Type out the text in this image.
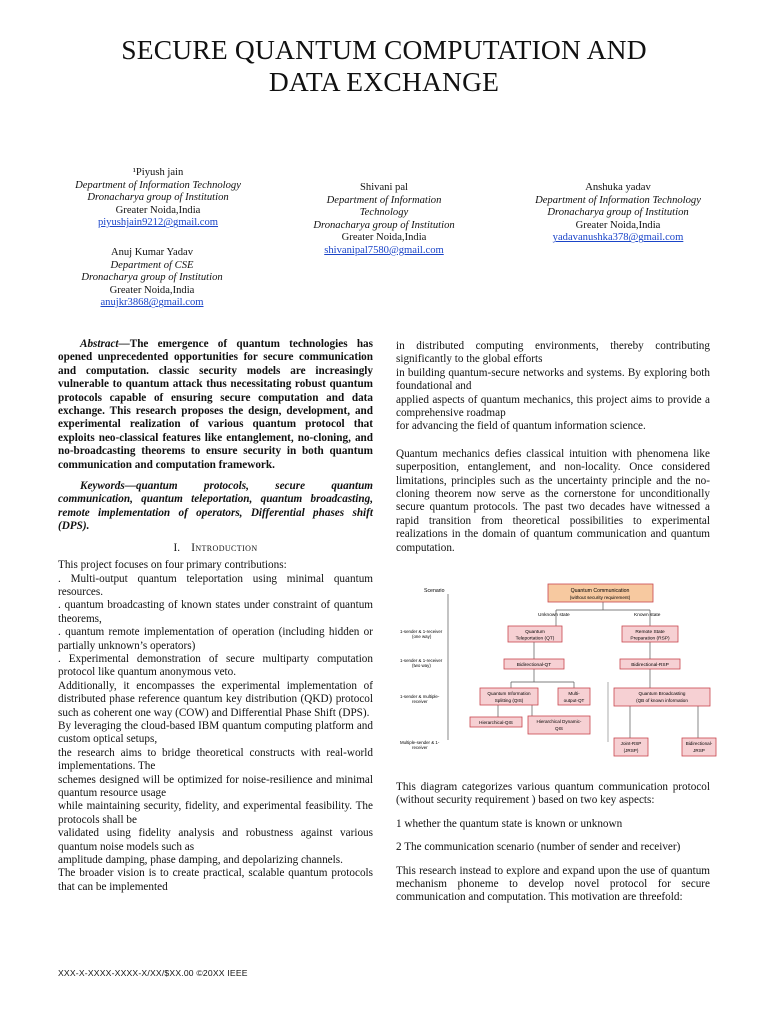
SECURE QUANTUM COMPUTATION AND
DATA EXCHANGE
¹Piyush jain
Department of Information Technology
Dronacharya group of Institution
Greater Noida,India
piyushjain9212@gmail.com
Shivani pal
Department of Information
Technology
Dronacharya group of Institution
Greater Noida,India
shivanipal7580@gmail.com
Anshuka yadav
Department of Information Technology
Dronacharya group of Institution
Greater Noida,India
yadavanushka378@gmail.com
Anuj Kumar Yadav
Department of CSE
Dronacharya group of Institution
Greater Noida,India
anujkr3868@gmail.com

Abstract—The emergence of quantum technologies has opened unprecedented opportunities for secure communication and computation. classic security models are increasingly vulnerable to quantum attack thus necessitating robust quantum protocols capable of ensuring secure computation and data exchange. This research proposes the design, development, and experimental realization of various quantum protocol that exploits neo-classical features like entanglement, no-cloning, and no-broadcasting theorems to ensure security in both quantum communication and computation framework.

Keywords—quantum protocols, secure quantum communication, quantum teleportation, quantum broadcasting, remote implementation of operators, Differential phases shift (DPS).

I. Introduction

This project focuses on four primary contributions:

. Multi-output quantum teleportation using minimal quantum resources.

. quantum broadcasting of known states under constraint of quantum theorems,

. quantum remote implementation of operation (including hidden or partially unknown’s operators)

. Experimental demonstration of secure multiparty computation protocol like quantum anonymous veto.

Additionally, it encompasses the experimental implementation of distributed phase reference quantum key distribution (QKD) protocol such as coherent one way (COW) and Differential Phase Shift (DPS).

By leveraging the cloud-based IBM quantum computing platform and custom optical setups,

the research aims to bridge theoretical constructs with real-world implementations. The

schemes designed will be optimized for noise-resilience and minimal quantum resource usage

while maintaining security, fidelity, and experimental feasibility. The protocols shall be

validated using fidelity analysis and robustness against various quantum noise models such as

amplitude damping, phase damping, and depolarizing channels.

The broader vision is to create practical, scalable quantum protocols that can be implemented

in distributed computing environments, thereby contributing significantly to the global efforts

in building quantum-secure networks and systems. By exploring both foundational and

applied aspects of quantum mechanics, this project aims to provide a comprehensive roadmap

for advancing the field of quantum information science.

Quantum mechanics defies classical intuition with phenomena like superposition, entanglement, and non-locality. Once considered limitations, principles such as the uncertainty principle and the no-cloning theorem now serve as the cornerstone for unconditionally secure quantum protocols. The past two decades have witnessed a rapid transition from theoretical possibilities to experimental realizations in the domain of quantum communication and quantum computation.

Quantum Communication
(without security requirement)
Scenario
Unknown state	Known state
Quantum
Teleportation (QT)
Remote State
Preparation (RSP)
1-sender & 1-receiver
(one way)
1-sender & 1-receiver
(two way)
1-sender & multiple-
receiver
Multiple-sender & 1-
receiver
Bidirectional-QT	Bidirectional-RSP
Quantum Information
Splitting (QIS)
Multi-
output-QT
Quantum Broadcasting
(QB of known information
Hierarchical-QIS	Hierarchical Dynamic-
QIS
Joint-RSP
(JRSP)
Bidirectional-
JRSP

This diagram categorizes various quantum communication protocol (without security requirement ) based on two key aspects:

1 whether the quantum state is known or unknown

2 The communication scenario (number of sender and receiver)

This research instead to explore and expand upon the use of quantum mechanism phoneme to develop novel protocol for secure communication and computation. This motivation are threefold:

XXX-X-XXXX-XXXX-X/XX/$XX.00 ©20XX IEEE
